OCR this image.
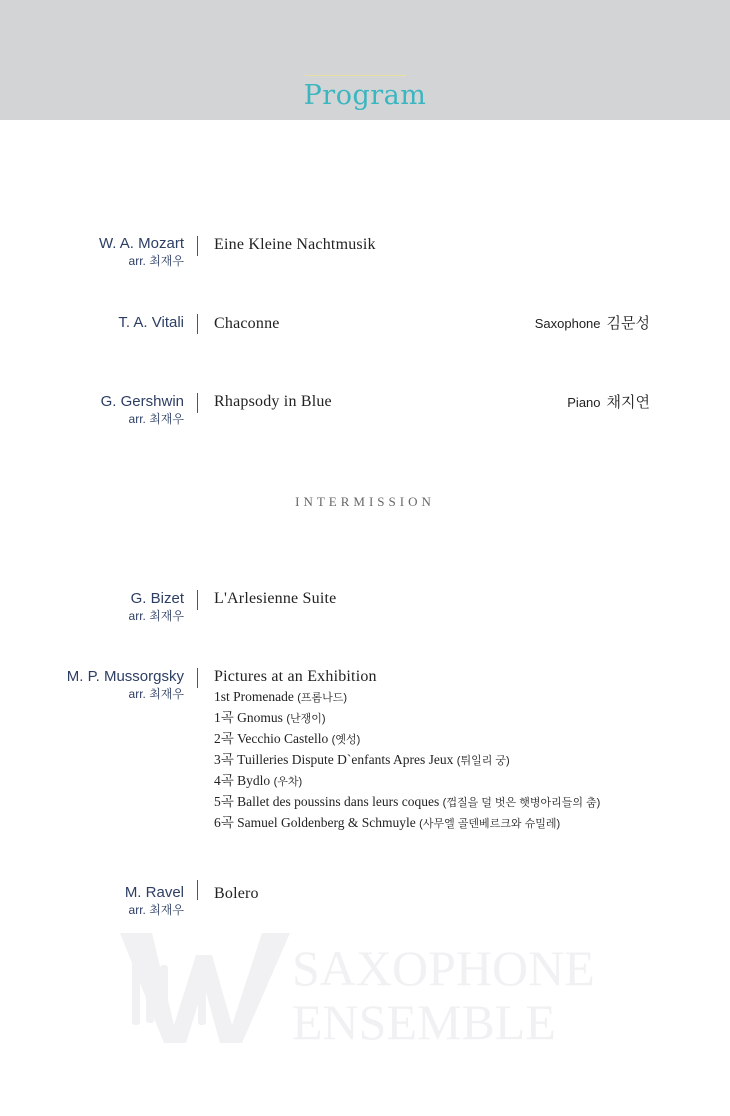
Program
W. A. Mozart
arr. 최재우
Eine Kleine Nachtmusik
T. A. Vitali Chaconne	Saxophone 김문성
G. Gershwin
arr. 최재우
Rhapsody in Blue	Piano 채지연
INTERMISSION
G. Bizet
arr. 최재우
L'Arlesienne Suite
M. P. Mussorgsky
arr. 최재우
Pictures at an Exhibition
1st Promenade (프롬나드)
1곡 Gnomus (난쟁이)
2곡 Vecchio Castello (옛성)
3곡 Tuilleries Dispute D`enfants Apres Jeux (튀일리 궁)
4곡 Bydlo (우차)
5곡 Ballet des poussins dans leurs coques (껍질을 덜 벗은 햇병아리들의 춤)
6곡 Samuel Goldenberg & Schmuyle (사무엘 골덴베르크와 슈밀레)
M. Ravel
arr. 최재우
Bolero
SAXOPHONE
ENSEMBLE
